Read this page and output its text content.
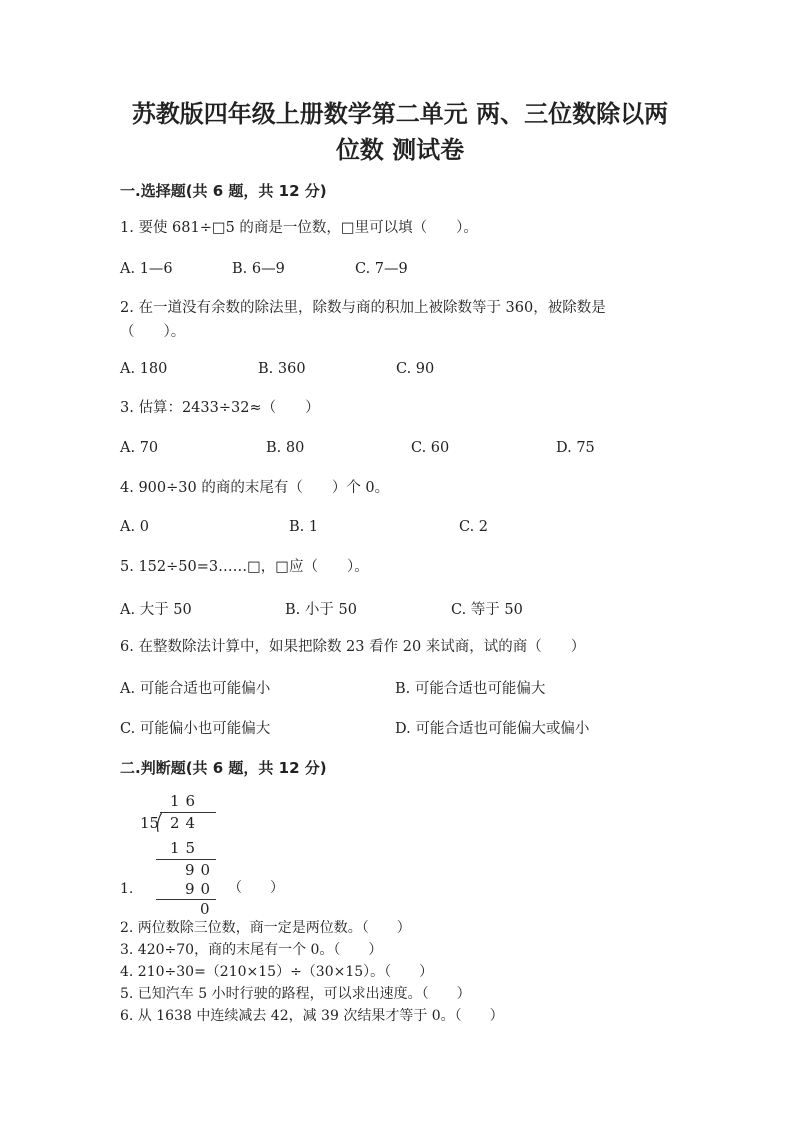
苏教版四年级上册数学第二单元 两、三位数除以两
位数 测试卷
一.选择题(共 6 题，共 12 分)
1. 要使 681÷□5 的商是一位数，□里可以填（　　）。
A. 1—6	B. 6—9	C. 7—9
2. 在一道没有余数的除法里，除数与商的积加上被除数等于 360，被除数是
（　　）。
A. 180	B. 360	C. 90
3. 估算：2433÷32≈（　　）
A. 70	B. 80	C. 60	D. 75
4. 900÷30 的商的末尾有（　　）个 0。
A. 0	B. 1	C. 2
5. 152÷50=3……□，□应（　　）。
A. 大于 50	B. 小于 50	C. 等于 50
6. 在整数除法计算中，如果把除数 23 看作 20 来试商，试的商（　　）
A. 可能合适也可能偏小	B. 可能合适也可能偏大
C. 可能偏小也可能偏大	D. 可能合适也可能偏大或偏小
二.判断题(共 6 题，共 12 分)
16
15 24
15
90
90
0
1.	（　　）
2. 两位数除三位数，商一定是两位数。（　　）
3. 420÷70，商的末尾有一个 0。（　　）
4. 210÷30=（210×15）÷（30×15）。（　　）
5. 已知汽车 5 小时行驶的路程，可以求出速度。（　　）
6. 从 1638 中连续减去 42，减 39 次结果才等于 0。（　　）
